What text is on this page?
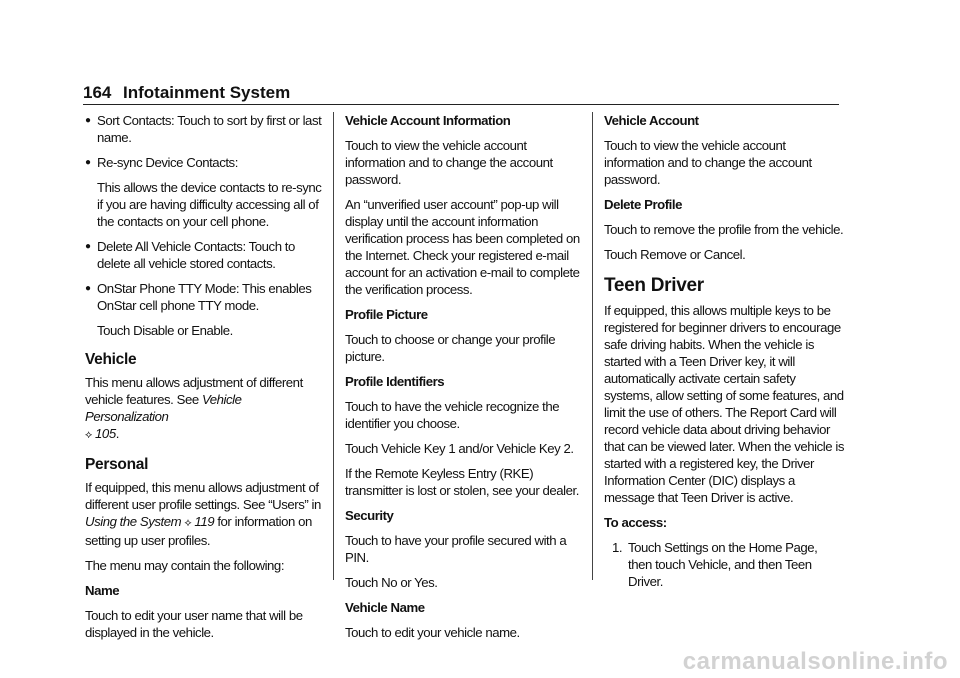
164 Infotainment System
● Sort Contacts: Touch to sort by first or last name.
● Re-sync Device Contacts:

This allows the device contacts to re-sync if you are having difficulty accessing all of the contacts on your cell phone.

● Delete All Vehicle Contacts: Touch to delete all vehicle stored contacts.
● OnStar Phone TTY Mode: This enables OnStar cell phone TTY mode.

Touch Disable or Enable.

Vehicle

This menu allows adjustment of different vehicle features. See Vehicle Personalization
⟡ 105.

Personal

If equipped, this menu allows adjustment of different user profile settings. See “Users” in Using the System ⟡ 119 for information on setting up user profiles.

The menu may contain the following:

Name

Touch to edit your user name that will be displayed in the vehicle.

Vehicle Account Information

Touch to view the vehicle account information and to change the account password.

An “unverified user account” pop-up will display until the account information verification process has been completed on the Internet. Check your registered e-mail account for an activation e-mail to complete the verification process.

Profile Picture

Touch to choose or change your profile picture.

Profile Identifiers

Touch to have the vehicle recognize the identifier you choose.

Touch Vehicle Key 1 and/or Vehicle Key 2.

If the Remote Keyless Entry (RKE) transmitter is lost or stolen, see your dealer.

Security

Touch to have your profile secured with a PIN.

Touch No or Yes.

Vehicle Name

Touch to edit your vehicle name.

Vehicle Account

Touch to view the vehicle account information and to change the account password.

Delete Profile

Touch to remove the profile from the vehicle.

Touch Remove or Cancel.

Teen Driver

If equipped, this allows multiple keys to be registered for beginner drivers to encourage safe driving habits. When the vehicle is started with a Teen Driver key, it will automatically activate certain safety systems, allow setting of some features, and limit the use of others. The Report Card will record vehicle data about driving behavior that can be viewed later. When the vehicle is started with a registered key, the Driver Information Center (DIC) displays a message that Teen Driver is active.

To access:

1. Touch Settings on the Home Page, then touch Vehicle, and then Teen Driver.
carmanualsonline.info
